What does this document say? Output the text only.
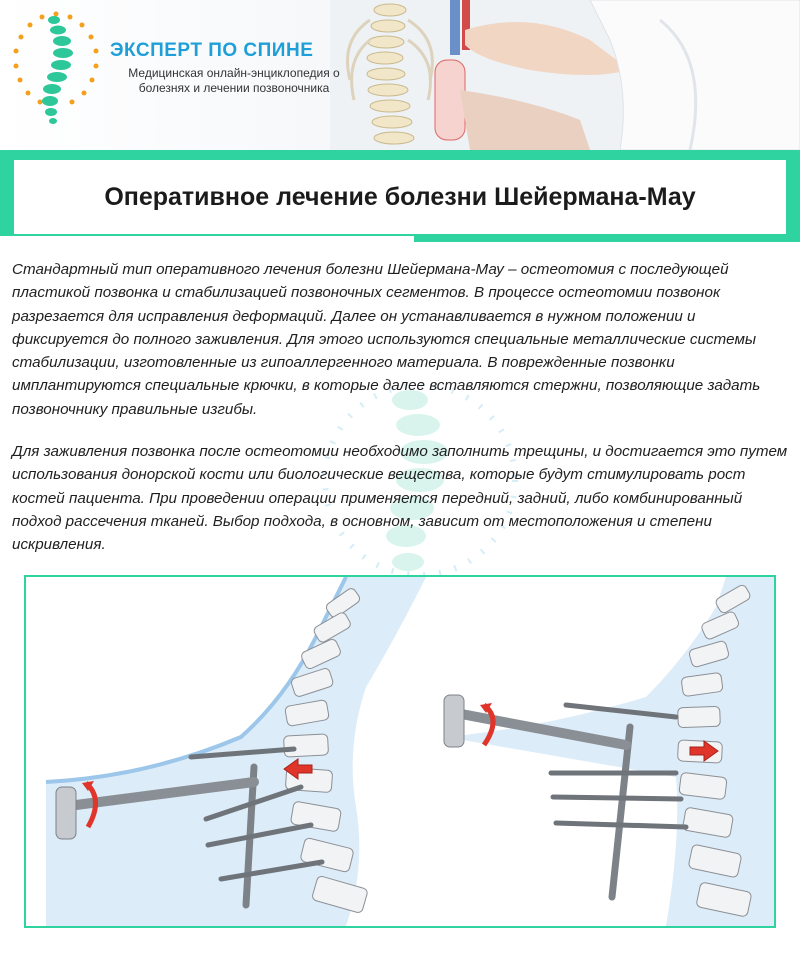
ЭКСПЕРТ ПО СПИНЕ
Медицинская онлайн-энциклопедия о болезнях и лечении позвоночника
Оперативное лечение болезни Шейермана-Мау

Стандартный тип оперативного лечения болезни Шейермана-Мау – остеотомия с последующей пластикой позвонка и стабилизацией позвоночных сегментов. В процессе остеотомии позвонок разрезается для исправления деформаций. Далее он устанавливается в нужном положении и фиксируется до полного заживления. Для этого используются специальные металлические системы стабилизации, изготовленные из гипоаллергенного материала. В поврежденные позвонки имплантируются специальные крючки, в которые далее вставляются стержни, позволяющие задать позвоночнику правильные изгибы.

Для заживления позвонка после остеотомии необходимо заполнить трещины, и достигается это путем использования донорской кости или биологические вещества, которые будут стимулировать рост костей пациента. При проведении операции применяется передний, задний, либо комбинированный подход рассечения тканей. Выбор подхода, в основном, зависит от местоположения и степени искривления.
